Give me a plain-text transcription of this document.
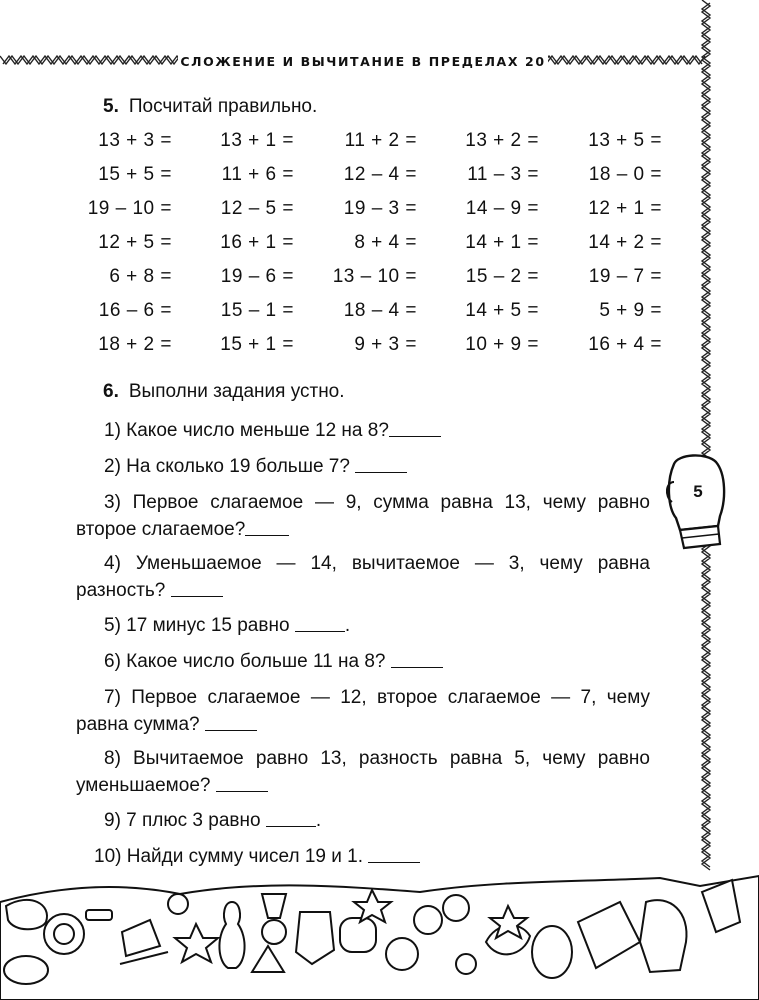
СЛОЖЕНИЕ И ВЫЧИТАНИЕ В ПРЕДЕЛАХ 20
5. Посчитай правильно.
13 + 3 =	13 + 1 =	11 + 2 =	13 + 2 =	13 + 5 =
15 + 5 =	11 + 6 =	12 – 4 =	11 – 3 =	18 – 0 =
19 – 10 =	12 – 5 =	19 – 3 =	14 – 9 =	12 + 1 =
12 + 5 =	16 + 1 =	8 + 4 =	14 + 1 =	14 + 2 =
6 + 8 =	19 – 6 =	13 – 10 =	15 – 2 =	19 – 7 =
16 – 6 =	15 – 1 =	18 – 4 =	14 + 5 =	5 + 9 =
18 + 2 =	15 + 1 =	9 + 3 =	10 + 9 =	16 + 4 =
6. Выполни задания устно.
1) Какое число меньше 12 на 8?
2) На сколько 19 больше 7?
3) Первое слагаемое — 9, сумма равна 13, чему равно второе слагаемое?
4) Уменьшаемое — 14, вычитаемое — 3, чему равна разность?
5) 17 минус 15 равно	.
6) Какое число больше 11 на 8?
7) Первое слагаемое — 12, второе слагаемое — 7, чему равна сумма?
8) Вычитаемое равно 13, разность равна 5, чему равно уменьшаемое?
9) 7 плюс 3 равно	.
10) Найди сумму чисел 19 и 1.
5
